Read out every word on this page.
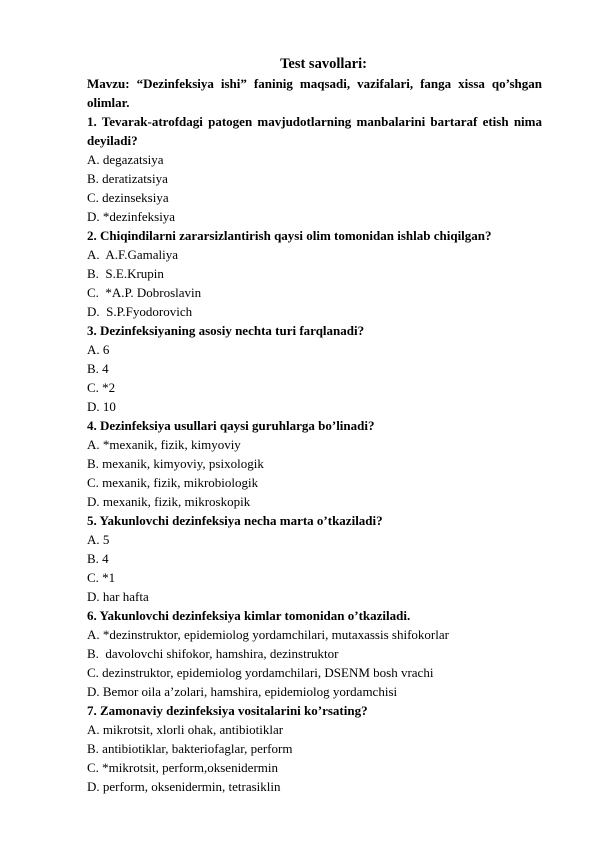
Test savollari:
Mavzu: “Dezinfeksiya ishi” faninig maqsadi, vazifalari, fanga xissa qo’shgan olimlar.
1. Tevarak-atrofdagi patogen mavjudotlarning manbalarini bartaraf etish nima deyiladi?
A. degazatsiya
B. deratizatsiya
C. dezinseksiya
D. *dezinfeksiya
2. Chiqindilarni zararsizlantirish qaysi olim tomonidan ishlab chiqilgan?
A.  A.F.Gamaliya
B.  S.E.Krupin
C.  *A.P. Dobroslavin
D.  S.P.Fyodorovich
3. Dezinfeksiyaning asosiy nechta turi farqlanadi?
A. 6
B. 4
C. *2
D. 10
4. Dezinfeksiya usullari qaysi guruhlarga bo’linadi?
A. *mexanik, fizik, kimyoviy
B. mexanik, kimyoviy, psixologik
C. mexanik, fizik, mikrobiologik
D. mexanik, fizik, mikroskopik
5. Yakunlovchi dezinfeksiya necha marta o’tkaziladi?
A. 5
B. 4
C. *1
D. har hafta
6. Yakunlovchi dezinfeksiya kimlar tomonidan o’tkaziladi.
A. *dezinstruktor, epidemiolog yordamchilari, mutaxassis shifokorlar
B.  davolovchi shifokor, hamshira, dezinstruktor
C. dezinstruktor, epidemiolog yordamchilari, DSENM bosh vrachi
D. Bemor oila a’zolari, hamshira, epidemiolog yordamchisi
7. Zamonaviy dezinfeksiya vositalarini ko’rsating?
A. mikrotsit, xlorli ohak, antibiotiklar
B. antibiotiklar, bakteriofaglar, perform
C. *mikrotsit, perform,oksenidermin
D. perform, oksenidermin, tetrasiklin
